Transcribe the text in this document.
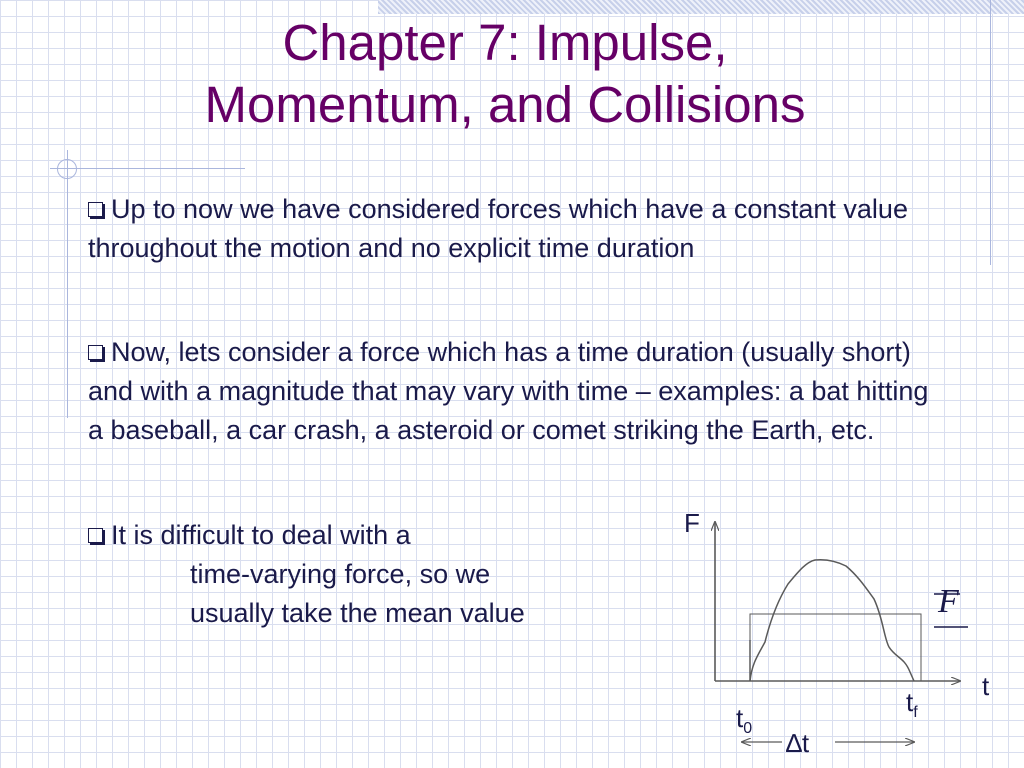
Chapter 7: Impulse,
Momentum, and Collisions
Up to now we have considered forces which have a constant value throughout the motion and no explicit time duration
Now, lets consider a force which has a time duration (usually short) and with a magnitude that may vary with time – examples: a bat hitting a baseball, a car crash, a asteroid or comet striking the Earth, etc.
It is difficult to deal with a
time-varying force, so we
usually take the mean value
F
t
F
$t_0$
$t_f$
∆t
